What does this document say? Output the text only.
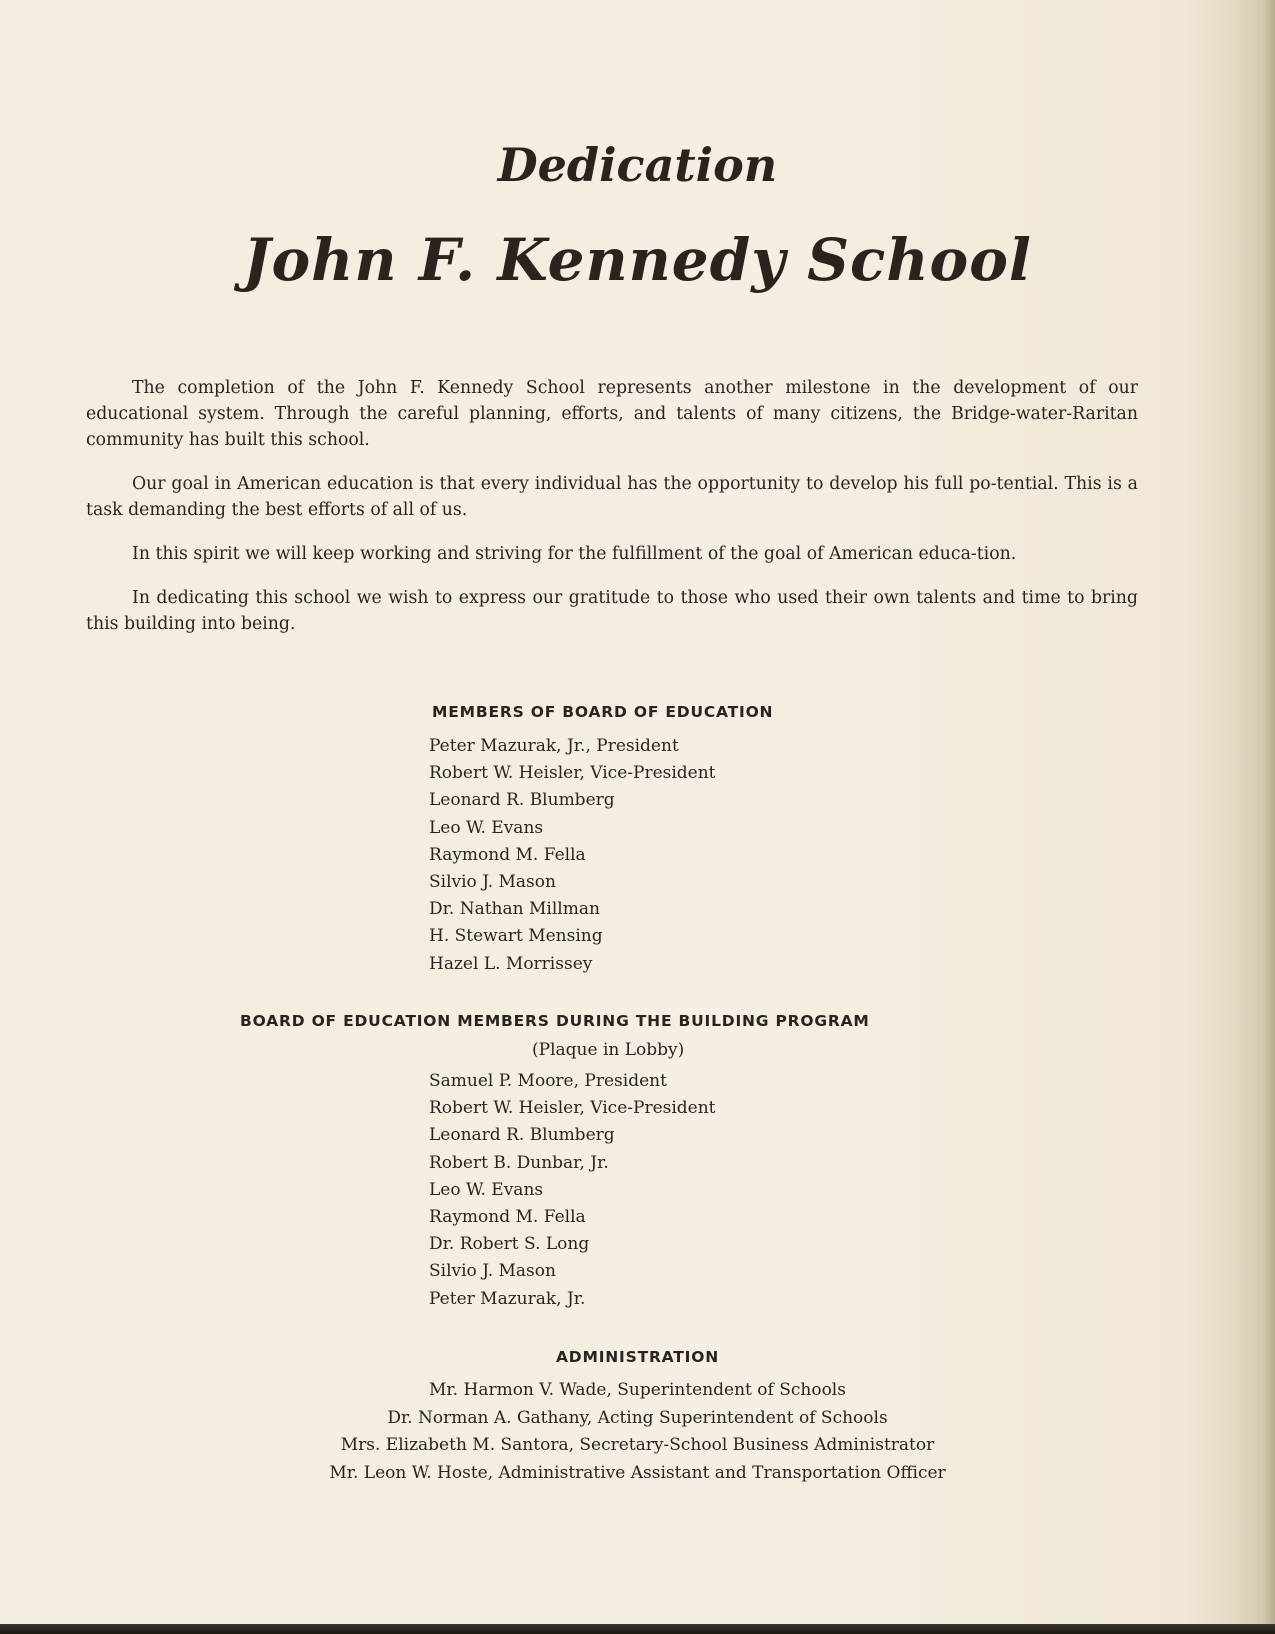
Dedication
John F. Kennedy School

The completion of the John F. Kennedy School represents another milestone in the development of our educational system. Through the careful planning, efforts, and talents of many citizens, the Bridge-water-Raritan community has built this school.

Our goal in American education is that every individual has the opportunity to develop his full po-tential. This is a task demanding the best efforts of all of us.

In this spirit we will keep working and striving for the fulfillment of the goal of American educa-tion.

In dedicating this school we wish to express our gratitude to those who used their own talents and time to bring this building into being.

MEMBERS OF BOARD OF EDUCATION
Peter Mazurak, Jr., President
Robert W. Heisler, Vice-President
Leonard R. Blumberg
Leo W. Evans
Raymond M. Fella
Silvio J. Mason
Dr. Nathan Millman
H. Stewart Mensing
Hazel L. Morrissey
BOARD OF EDUCATION MEMBERS DURING THE BUILDING PROGRAM
(Plaque in Lobby)
Samuel P. Moore, President
Robert W. Heisler, Vice-President
Leonard R. Blumberg
Robert B. Dunbar, Jr.
Leo W. Evans
Raymond M. Fella
Dr. Robert S. Long
Silvio J. Mason
Peter Mazurak, Jr.
ADMINISTRATION
Mr. Harmon V. Wade, Superintendent of Schools
Dr. Norman A. Gathany, Acting Superintendent of Schools
Mrs. Elizabeth M. Santora, Secretary-School Business Administrator
Mr. Leon W. Hoste, Administrative Assistant and Transportation Officer
